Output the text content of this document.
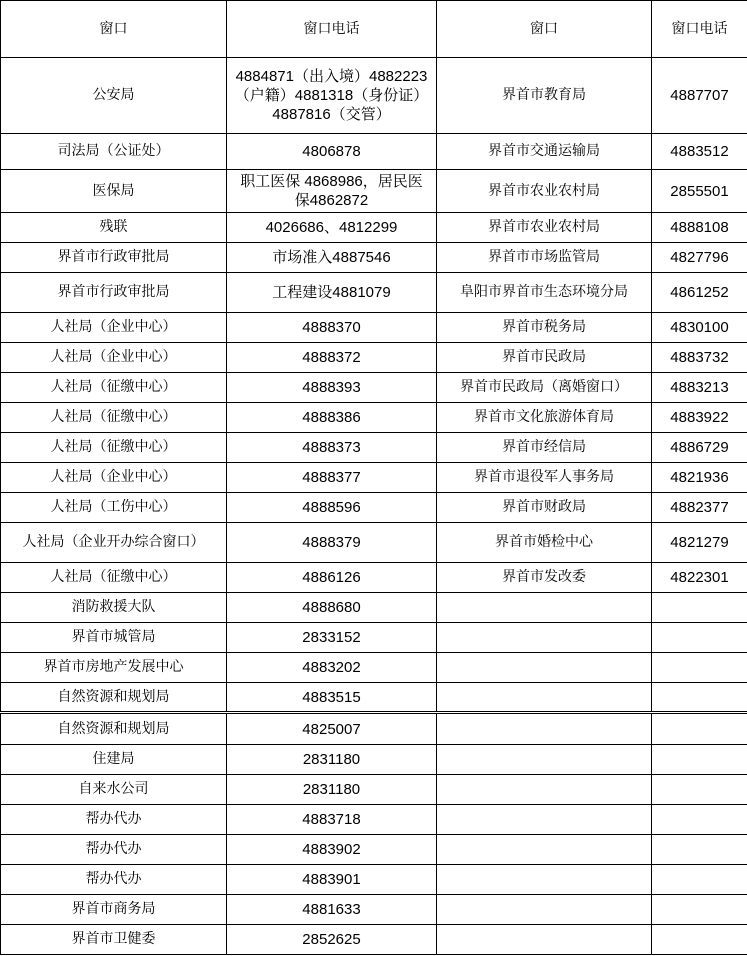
窗口	窗口电话	窗口	窗口电话
公安局	4884871（出入境）4882223（户籍）4881318（身份证）4887816（交管）	界首市教育局	4887707
司法局（公证处）	4806878	界首市交通运输局	4883512
医保局	职工医保 4868986，居民医保4862872	界首市农业农村局	2855501
残联	4026686、4812299	界首市农业农村局	4888108
界首市行政审批局	市场准入4887546	界首市市场监管局	4827796
界首市行政审批局	工程建设4881079	阜阳市界首市生态环境分局	4861252
人社局（企业中心）	4888370	界首市税务局	4830100
人社局（企业中心）	4888372	界首市民政局	4883732
人社局（征缴中心）	4888393	界首市民政局（离婚窗口）	4883213
人社局（征缴中心）	4888386	界首市文化旅游体育局	4883922
人社局（征缴中心）	4888373	界首市经信局	4886729
人社局（企业中心）	4888377	界首市退役军人事务局	4821936
人社局（工伤中心）	4888596	界首市财政局	4882377
人社局（企业开办综合窗口）	4888379	界首市婚检中心	4821279
人社局（征缴中心）	4886126	界首市发改委	4822301
消防救援大队	4888680		
界首市城管局	2833152		
界首市房地产发展中心	4883202		
自然资源和规划局	4883515		
自然资源和规划局	4825007		
住建局	2831180		
自来水公司	2831180		
帮办代办	4883718		
帮办代办	4883902		
帮办代办	4883901		
界首市商务局	4881633		
界首市卫健委	2852625		
